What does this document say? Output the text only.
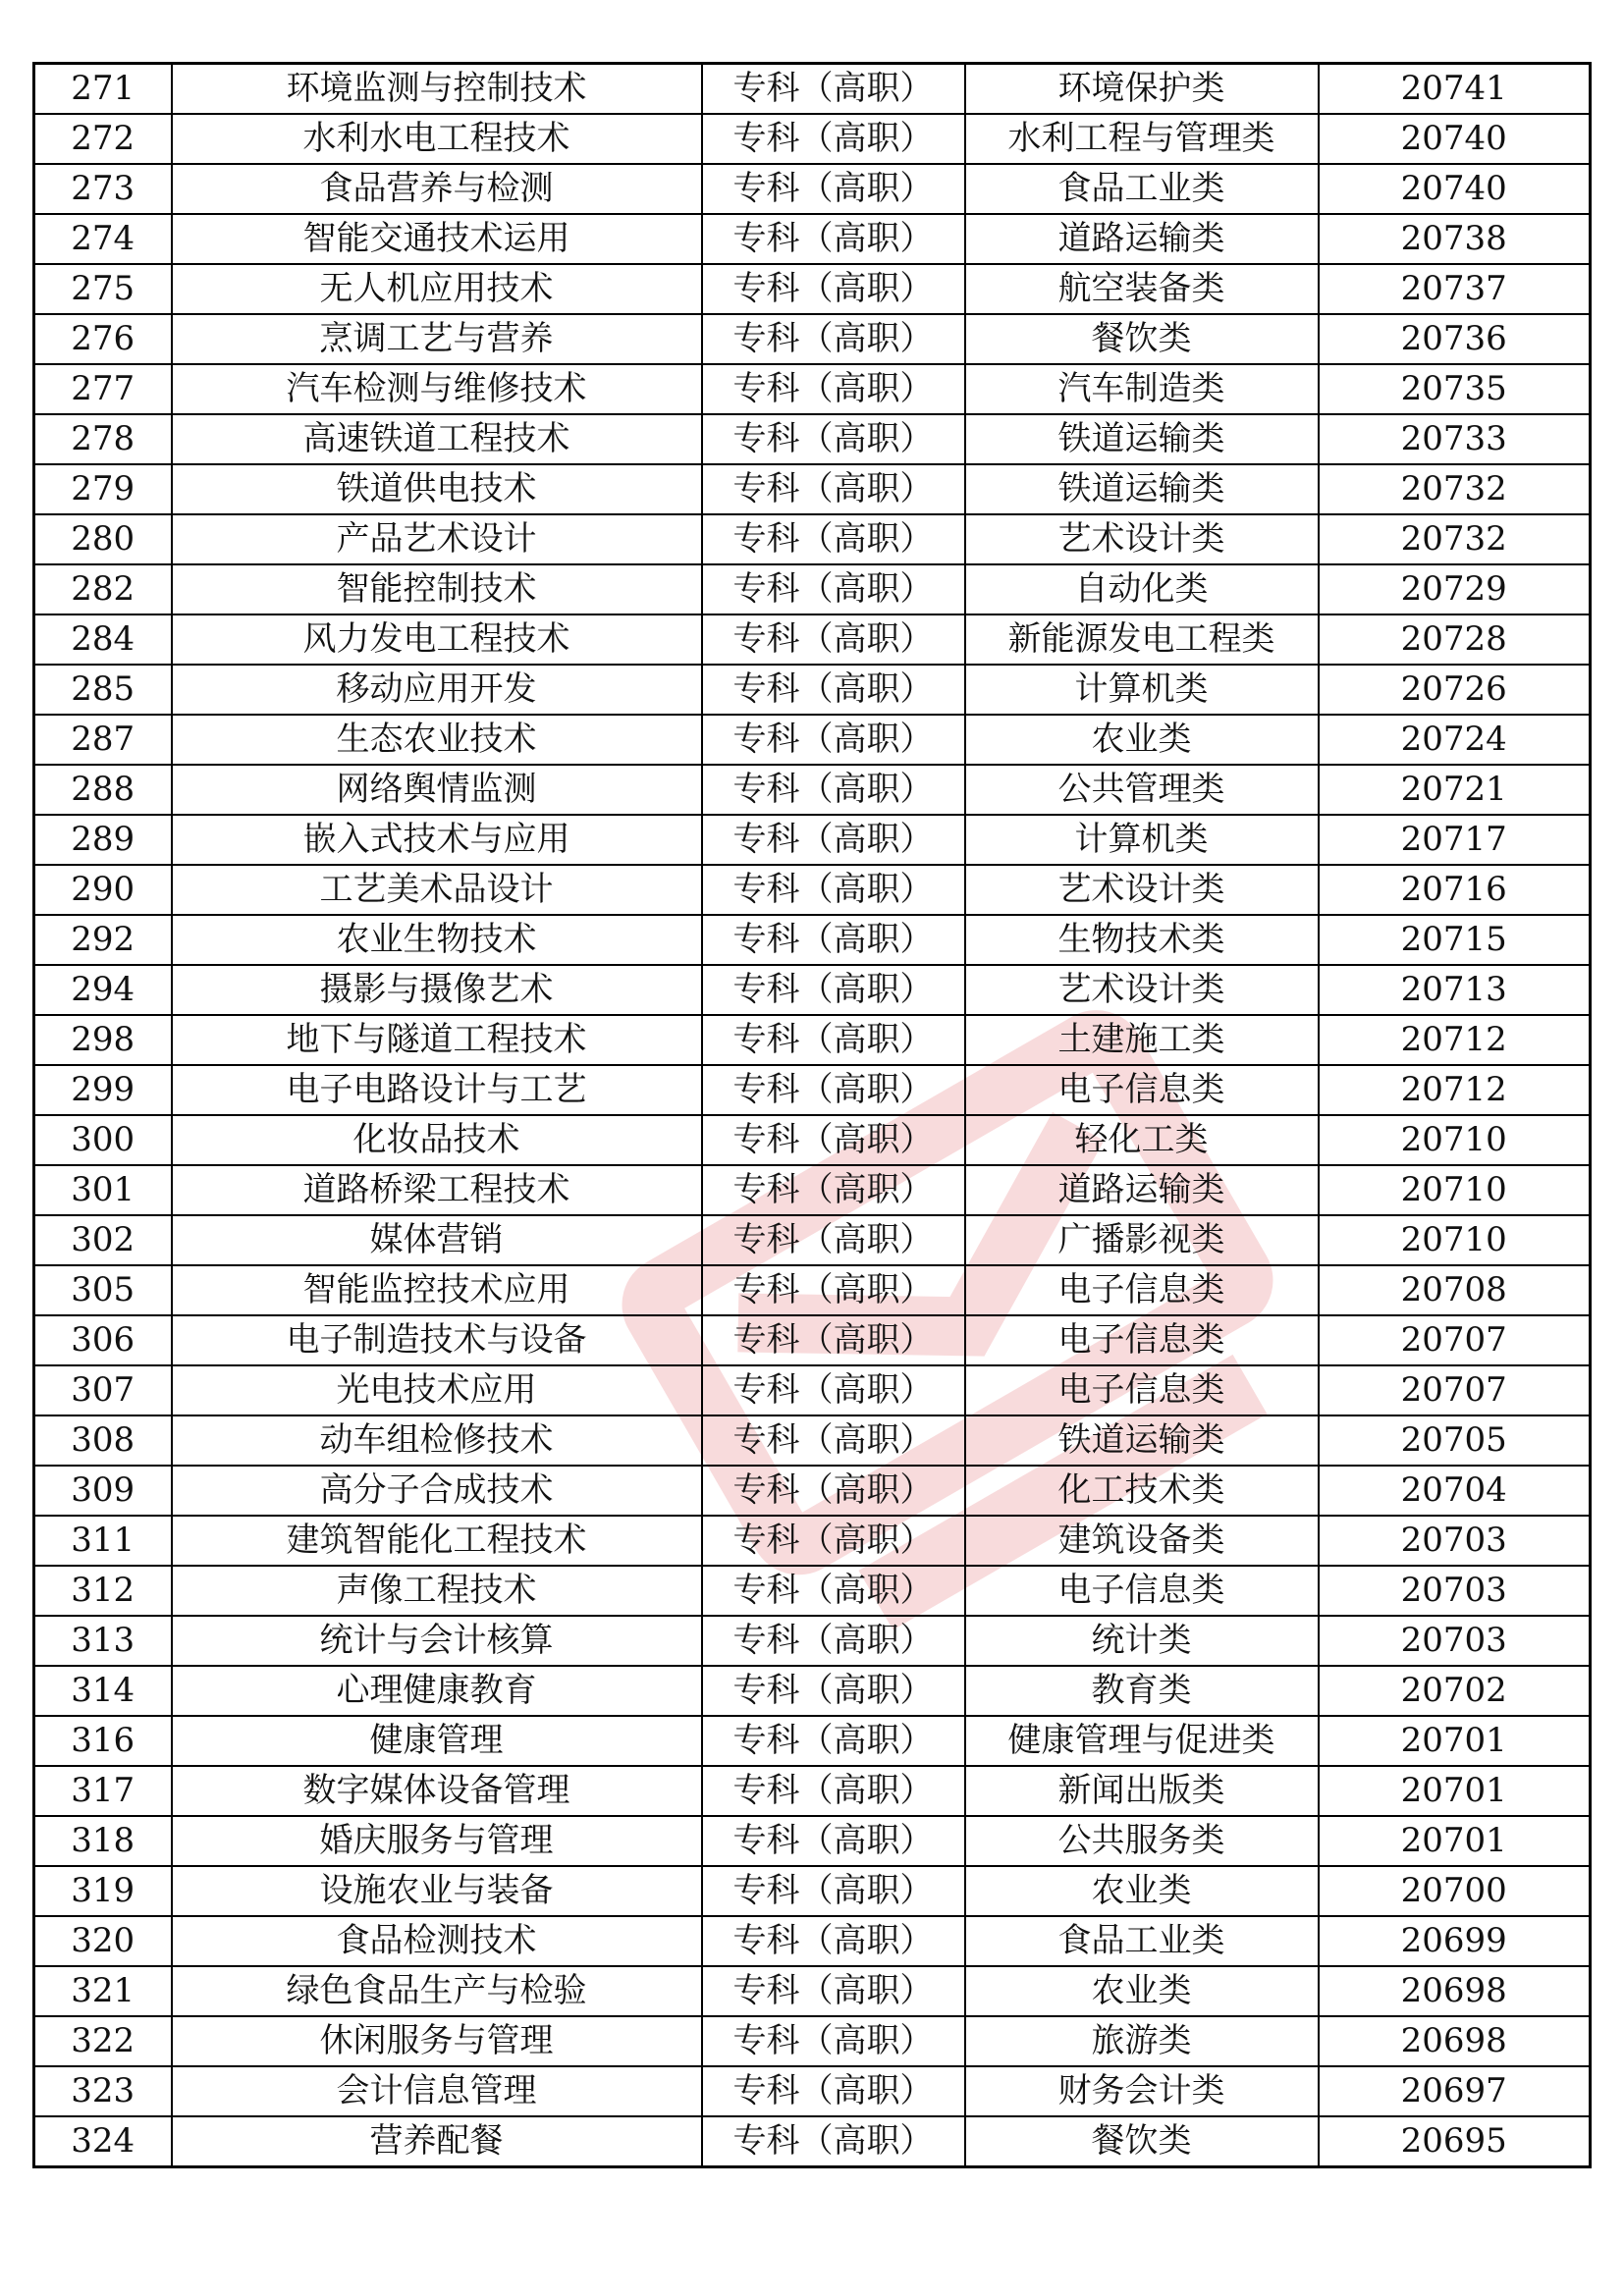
271	环境监测与控制技术	专科（高职）	环境保护类	20741
272	水利水电工程技术	专科（高职）	水利工程与管理类	20740
273	食品营养与检测	专科（高职）	食品工业类	20740
274	智能交通技术运用	专科（高职）	道路运输类	20738
275	无人机应用技术	专科（高职）	航空装备类	20737
276	烹调工艺与营养	专科（高职）	餐饮类	20736
277	汽车检测与维修技术	专科（高职）	汽车制造类	20735
278	高速铁道工程技术	专科（高职）	铁道运输类	20733
279	铁道供电技术	专科（高职）	铁道运输类	20732
280	产品艺术设计	专科（高职）	艺术设计类	20732
282	智能控制技术	专科（高职）	自动化类	20729
284	风力发电工程技术	专科（高职）	新能源发电工程类	20728
285	移动应用开发	专科（高职）	计算机类	20726
287	生态农业技术	专科（高职）	农业类	20724
288	网络舆情监测	专科（高职）	公共管理类	20721
289	嵌入式技术与应用	专科（高职）	计算机类	20717
290	工艺美术品设计	专科（高职）	艺术设计类	20716
292	农业生物技术	专科（高职）	生物技术类	20715
294	摄影与摄像艺术	专科（高职）	艺术设计类	20713
298	地下与隧道工程技术	专科（高职）	土建施工类	20712
299	电子电路设计与工艺	专科（高职）	电子信息类	20712
300	化妆品技术	专科（高职）	轻化工类	20710
301	道路桥梁工程技术	专科（高职）	道路运输类	20710
302	媒体营销	专科（高职）	广播影视类	20710
305	智能监控技术应用	专科（高职）	电子信息类	20708
306	电子制造技术与设备	专科（高职）	电子信息类	20707
307	光电技术应用	专科（高职）	电子信息类	20707
308	动车组检修技术	专科（高职）	铁道运输类	20705
309	高分子合成技术	专科（高职）	化工技术类	20704
311	建筑智能化工程技术	专科（高职）	建筑设备类	20703
312	声像工程技术	专科（高职）	电子信息类	20703
313	统计与会计核算	专科（高职）	统计类	20703
314	心理健康教育	专科（高职）	教育类	20702
316	健康管理	专科（高职）	健康管理与促进类	20701
317	数字媒体设备管理	专科（高职）	新闻出版类	20701
318	婚庆服务与管理	专科（高职）	公共服务类	20701
319	设施农业与装备	专科（高职）	农业类	20700
320	食品检测技术	专科（高职）	食品工业类	20699
321	绿色食品生产与检验	专科（高职）	农业类	20698
322	休闲服务与管理	专科（高职）	旅游类	20698
323	会计信息管理	专科（高职）	财务会计类	20697
324	营养配餐	专科（高职）	餐饮类	20695
